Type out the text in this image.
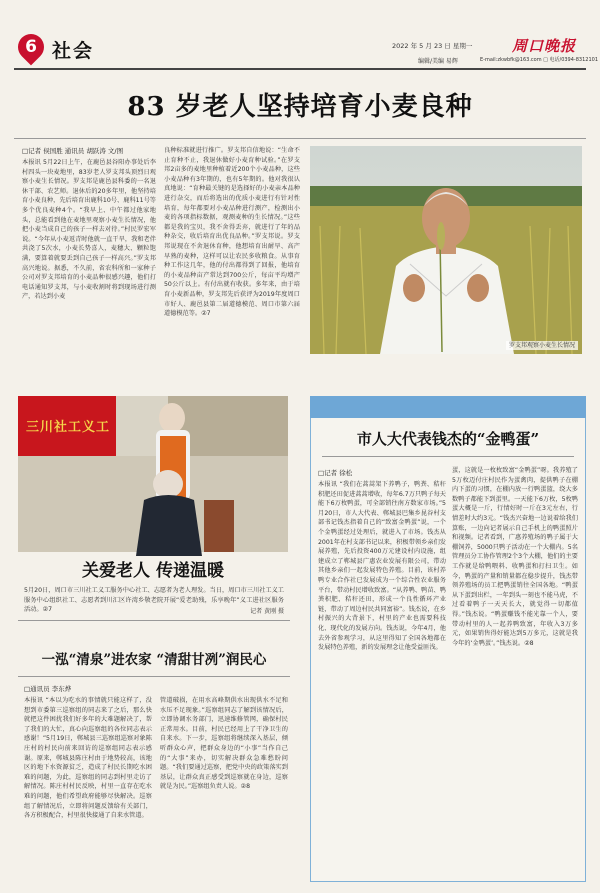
6 社会	2022 年 5 月 23 日 星期一	周口晚报
编辑/美编 易辉	E-mail:zkwbfk@163.com □ 电话/0394-8312101
83 岁老人坚持培育小麦良种
□记者 侯国胜 通讯员 胡跃涛 文/图
本报讯 5月22日上午，在鹿邑县谷阳办事处后李村四头一块麦地里，83岁老人罗支邦头顶烈日观察小麦生长情况。罗支邦是鹿邑县科委的一名退休干部、农艺师。退休后的20多年里，他坚持培育小麦良种，先后培育出鹿科10号、鹿科11号等多个优良麦种4个。“我早上、中午都过他家地头，总能看到他在麦地里观察小麦生长情况，他把小麦当成自己的孩子一样去对待。”村民罗宏军说。“今年从小麦返青时他就一直干旱，我和老伴共浇了5次水，小麦长势喜人，麦穗大、颗粒饱满，要算着就要丢到自己孩子一样高兴。”罗支邦高兴地说。据悉，不久前，省农科所和一家种子公司对罗支邦培育的小麦品种很感兴趣，他们打电话通知罗支邦，与小麦收割时将到现场进行测产，若达到小麦
良种标准就进行推广。罗支邦自信地说：“生命不止育种不止，我退休做好小麦育种试验。”在罗支邦2亩多的麦地里种植着近200个小麦品种，这些小麦品种有3年期的，也有5年期的。他对我很认真地说：“育种最关键的是选择好的小麦亲本品种进行杂交，而后将选出的优质小麦进行有针对性培育，每年都要对小麦品种进行测产，检测出小麦的各项指标数据，观测麦种的生长情况。”这些都是我的宝贝，我不舍得丢弃，就进行了年的品种杂交，收后培育出优良品种。”罗支邦说。罗支邦说现在不舍退休育种，他想培育出耐旱、高产早熟的麦种，这样可以让农民多收粮食。从事育种工作这几年，他的付出都得到了回报，他培育的小麦品种亩产常达到700公斤，每亩平均增产50公斤以上。有付出就有收获。多年来，由于培育小麦新品种，罗支邦先后获评为2019年度周口市好人、鹿邑县第二届道德模范、周口市第六届道德模范等。②7
罗支邦观察小麦生长情况
三川社工义工
关爱老人 传递温暖
5月20日，周口市三川社工义工服务中心社工、志愿者为老人理发。当日，周口市三川社工义工服务中心组织社工、志愿者到川汇区许湾乡敬老院开展“爱老助残，乐享晚年”义工进社区服务活动。②7	记者 黄刚 摄
一泓“清泉”进农家 “清甜甘冽”润民心
□通讯员 李东烨
本报讯 “本以为吃水的事情就只能这样了，没想到市委第三巡察组的同志来了之后，那么快就把这件困扰我们好多年的大难题解决了，帮了我们的大忙，真心向巡察组的各位同志表示感谢！”5月19日，郸城县三巡察组巡察对象陈庄村的村民向前来回访的巡察组同志表示感谢。原来，郸城县陈庄村由于地势较高，该地区的地下水资源贫乏，造成了村民长期吃水困难的问题，为此，巡察组的同志到村里走访了解情况。陈庄村村民反映，村里一直存在吃水难的问题，他们希望政府能够尽快解决。巡察组了解情况后，立即将问题反馈给有关部门，各方积极配合，村里很快接通了自来水管道。
管道破损，在用水高峰期供水出现供水不足和水压不足现象。”巡察组同志了解到该情况后，立即协调水务部门，迅速维修管网，确保村民正常用水。目前，村民已经用上了干净卫生的自来水。下一步，巡察组将继续深入基层，倾听群众心声，把群众身边的“小事”当作自己的“大事”来办，切实解决群众急难愁盼问题。“我们要通过巡察，把党中央的政策落实到基层，让群众真正感受到巡察就在身边，巡察就是为民。”巡察组负责人说。②8
市人大代表钱杰的“金鸭蛋”
□记者 徐松
本报讯 “我们在蒿蒿架下养鸭子，鸭粪、秸秆积肥还田促进蒿蒿增收，每年6.7万只鸭子每天能下6万枚鸭蛋，可全部销往南方数家市场。”5月20日，市人大代表、郸城县巴集乡昆谷村支部书记钱杰指着自己的“致富金鸭蛋”说，一个个金鸭蛋经过处理后，就进入了市场。钱杰从2001年在村支部书记以来，积极带领乡亲们发展养殖，先后投资400万元建设村内设施，组建成立了郸城县广惠农业发展有限公司，带动其他乡亲们一起发展特色养殖。目前，该村养鸭专业合作社已发展成为一个综合性农业服务平台，带动村民增收致富。“从养鸭、鸭苗、鸭粪积肥、秸秆还田，形成一个良性循环产业链，带动了周边村民共同富裕”。钱杰说，在乡村振兴的大背景下，村里的产业也需要科技化、现代化的发展方向。钱杰说，今年4月，他去外省参观学习，从这里得知了全国各地都在发展特色养殖，新的发展理念让他受益匪浅。
蛋，这就是一枚枚致富“金鸭蛋”呀。我养殖了5万枚迈付庄村民作为蛋禽肉，提供鸭子在棚内下蛋的习惯，在棚内放一行鸭蛋篮，绕大多数鸭子都能下到蛋里。一天能下6万枚，5枚鸭蛋大概是一斤，行情好时一斤在3元左右，行情差时大约3元。“钱杰兴奋地一边说着给我们算账，一边向记者展示自己手机上的鸭蛋照片和视频。记者看到，广惠养殖场的鸭子属于大棚饲养，5000只鸭子活动在一个大棚内。5名管理员分工协作管理2个3个大棚，他们的主要工作就是给鸭喂料、收鸭蛋和打扫卫生。如今，鸭蛋的产量和销量都在稳步提升，钱杰带领养殖场的员工把鸭蛋销往全国各地。“鸭蛋从下蛋到出栏，一年到头一刻也不能马虎，不过看着鸭子一天天长大，就觉得一切都值得。”钱杰说。“鸭蛋赚钱不能光靠一个人，要带动村里的人一起养鸭致富，年收入3万多元，如果销售得好能达到5万多元，这就是我今年的‘金鸭蛋’。”钱杰说。②8
